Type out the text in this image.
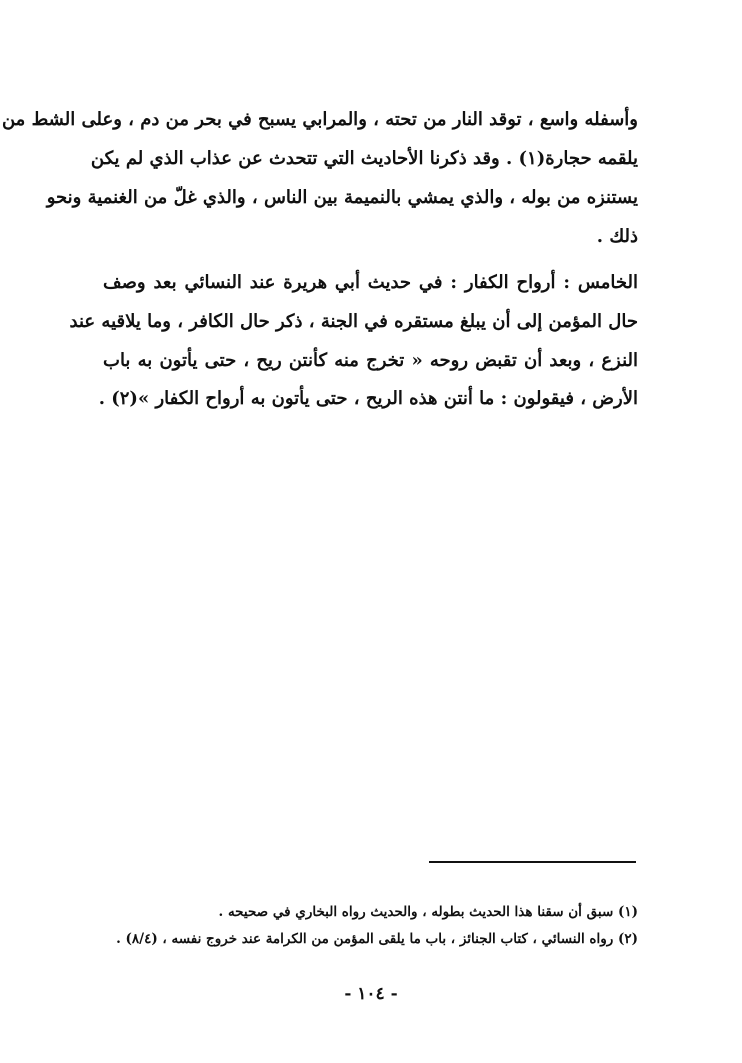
وأسفله واسع ، توقد النار من تحته ، والمرابي يسبح في بحر من دم ، وعلى الشط من
يلقمه حجارة(١) . وقد ذكرنا الأحاديث التي تتحدث عن عذاب الذي لم يكن
يستنزه من بوله ، والذي يمشي بالنميمة بين الناس ، والذي غلّ من الغنمية ونحو
ذلك .
الخامس : أرواح الكفار : في حديث أبي هريرة عند النسائي بعد وصف
حال المؤمن إلى أن يبلغ مستقره في الجنة ، ذكر حال الكافر ، وما يلاقيه عند
النزع ، وبعد أن تقبض روحه « تخرج منه كأنتن ريح ، حتى يأتون به باب
الأرض ، فيقولون : ما أنتن هذه الريح ، حتى يأتون به أرواح الكفار »(٢) .
(١) سبق أن سقنا هذا الحديث بطوله ، والحديث رواه البخاري في صحيحه .
(٢) رواه النسائي ، كتاب الجنائز ، باب ما يلقى المؤمن من الكرامة عند خروج نفسه ، (٨/٤) .
- ١٠٤ -
